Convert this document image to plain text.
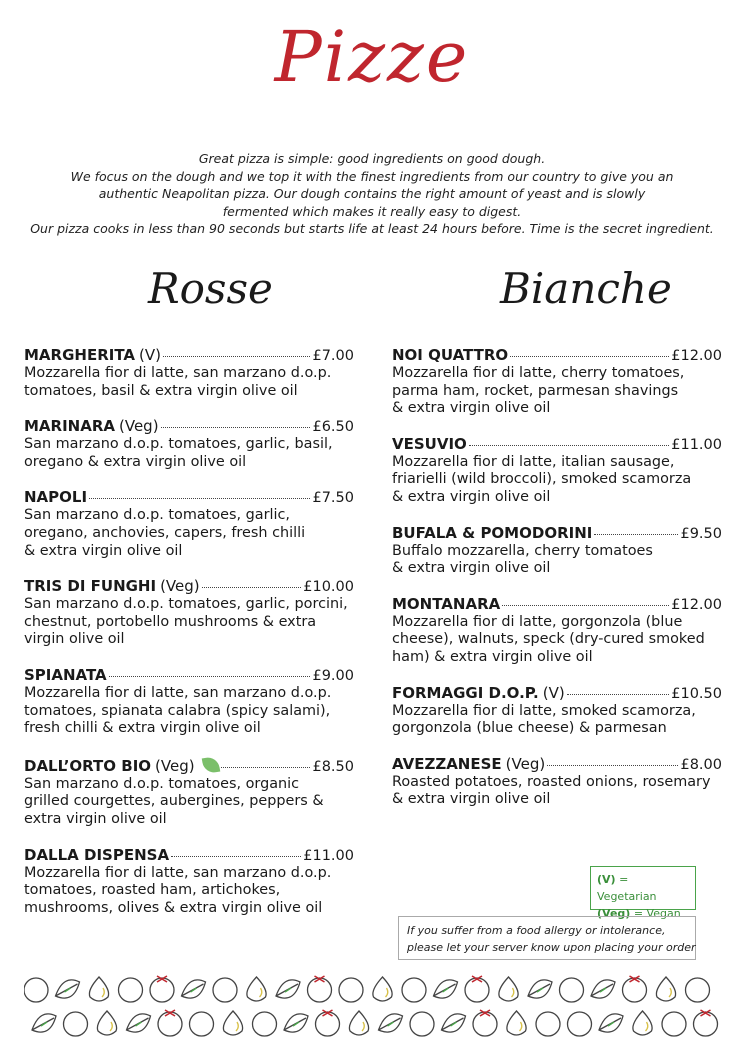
Pizze
Great pizza is simple: good ingredients on good dough.
We focus on the dough and we top it with the finest ingredients from our country to give you an
authentic Neapolitan pizza. Our dough contains the right amount of yeast and is slowly
fermented which makes it really easy to digest.
Our pizza cooks in less than 90 seconds but starts life at least 24 hours before. Time is the secret ingredient.
Rosse	Bianche
MARGHERITA (V)	£7.00
Mozzarella fior di latte, san marzano d.o.p.
tomatoes, basil & extra virgin olive oil
MARINARA (Veg)	£6.50
San marzano d.o.p. tomatoes, garlic, basil,
oregano & extra virgin olive oil
NAPOLI	£7.50
San marzano d.o.p. tomatoes, garlic,
oregano, anchovies, capers, fresh chilli
& extra virgin olive oil
TRIS DI FUNGHI (Veg)	£10.00
San marzano d.o.p. tomatoes, garlic, porcini,
chestnut, portobello mushrooms & extra
virgin olive oil
SPIANATA	£9.00
Mozzarella fior di latte, san marzano d.o.p.
tomatoes, spianata calabra (spicy salami),
fresh chilli & extra virgin olive oil
DALL’ORTO BIO (Veg)	£8.50
San marzano d.o.p. tomatoes, organic
grilled courgettes, aubergines, peppers &
extra virgin olive oil
DALLA DISPENSA	£11.00
Mozzarella fior di latte, san marzano d.o.p.
tomatoes, roasted ham, artichokes,
mushrooms, olives & extra virgin olive oil
NOI QUATTRO	£12.00
Mozzarella fior di latte, cherry tomatoes,
parma ham, rocket, parmesan shavings
& extra virgin olive oil
VESUVIO	£11.00
Mozzarella fior di latte, italian sausage,
friarielli (wild broccoli), smoked scamorza
& extra virgin olive oil
BUFALA & POMODORINI	£9.50
Buffalo mozzarella, cherry tomatoes
& extra virgin olive oil
MONTANARA	£12.00
Mozzarella fior di latte, gorgonzola (blue
cheese), walnuts, speck (dry-cured smoked
ham) & extra virgin olive oil
FORMAGGI D.O.P. (V)	£10.50
Mozzarella fior di latte, smoked scamorza,
gorgonzola (blue cheese) & parmesan
AVEZZANESE (Veg)	£8.00
Roasted potatoes, roasted onions, rosemary
& extra virgin olive oil
(V) = Vegetarian
(Veg) = Vegan
If you suffer from a food allergy or intolerance,
please let your server know upon placing your order
